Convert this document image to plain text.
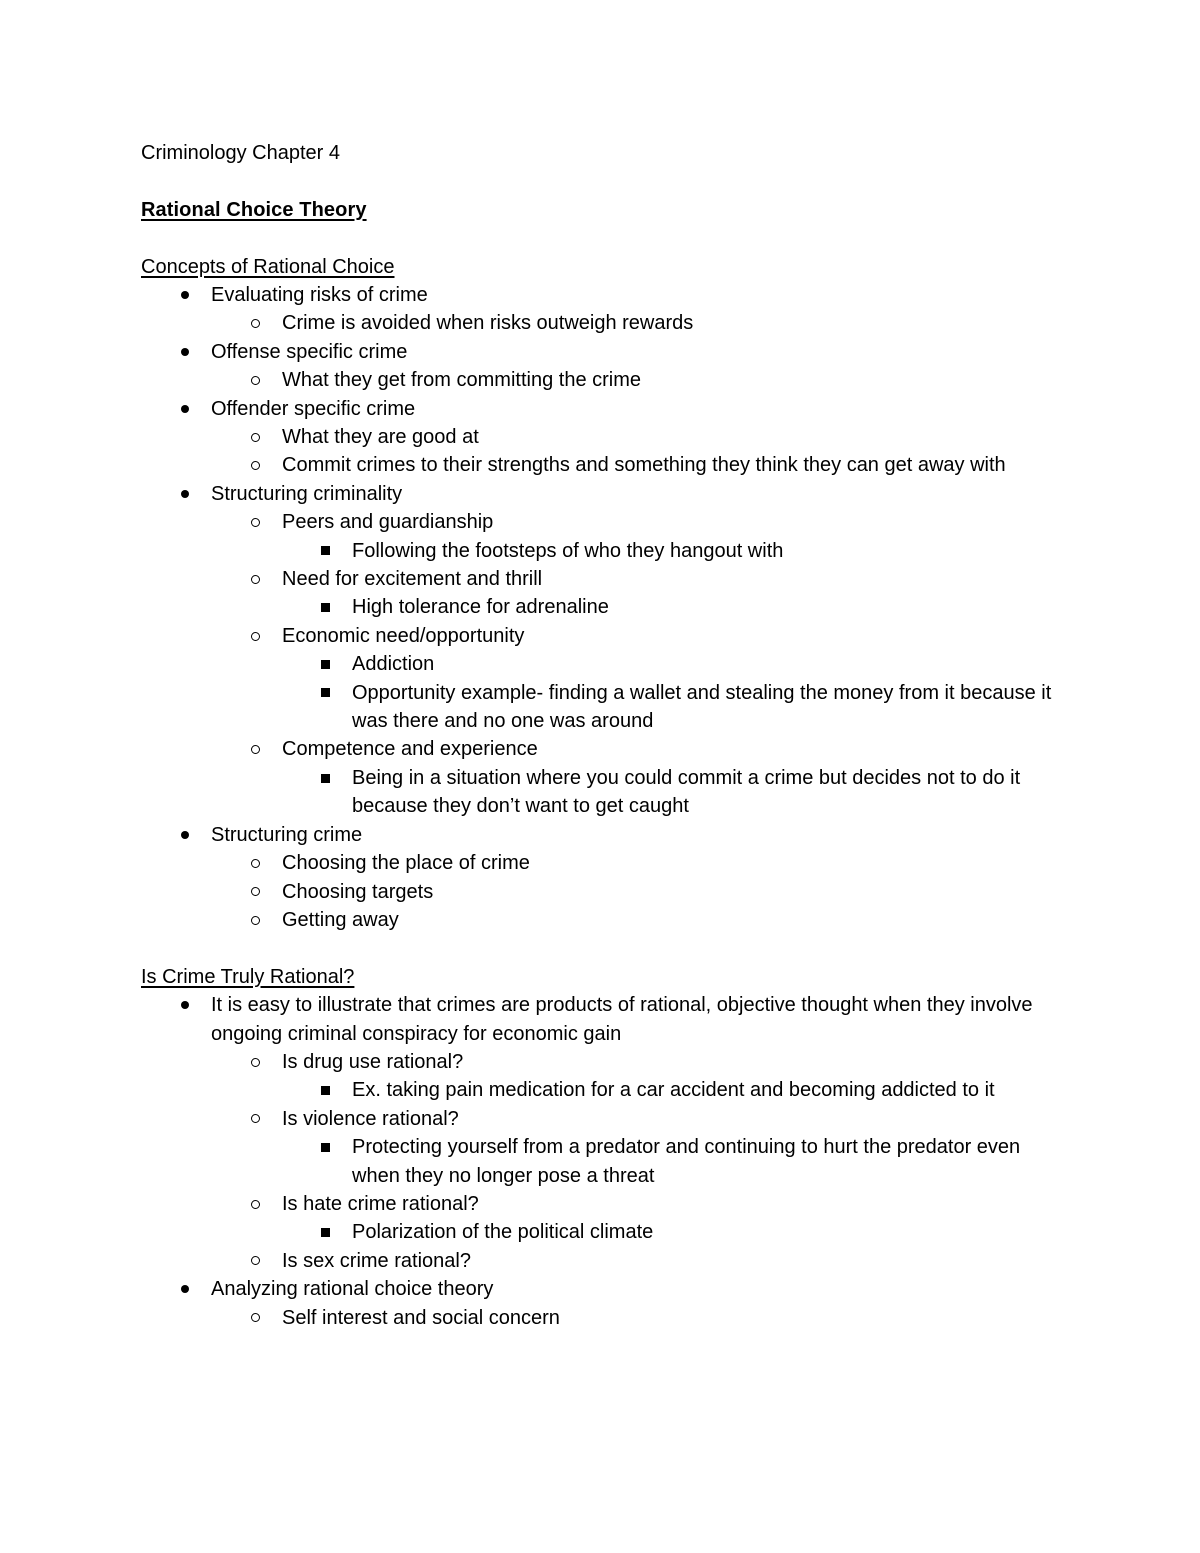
Criminology Chapter 4
Rational Choice Theory
Concepts of Rational Choice
Evaluating risks of crime
Crime is avoided when risks outweigh rewards
Offense specific crime
What they get from committing the crime
Offender specific crime
What they are good at
Commit crimes to their strengths and something they think they can get away with
Structuring criminality
Peers and guardianship
Following the footsteps of who they hangout with
Need for excitement and thrill
High tolerance for adrenaline
Economic need/opportunity
Addiction
Opportunity example- finding a wallet and stealing the money from it because it was there and no one was around
Competence and experience
Being in a situation where you could commit a crime but decides not to do it because they don’t want to get caught
Structuring crime
Choosing the place of crime
Choosing targets
Getting away
Is Crime Truly Rational?
It is easy to illustrate that crimes are products of rational, objective thought when they involve ongoing criminal conspiracy for economic gain
Is drug use rational?
Ex. taking pain medication for a car accident and becoming addicted to it
Is violence rational?
Protecting yourself from a predator and continuing to hurt the predator even when they no longer pose a threat
Is hate crime rational?
Polarization of the political climate
Is sex crime rational?
Analyzing rational choice theory
Self interest and social concern
